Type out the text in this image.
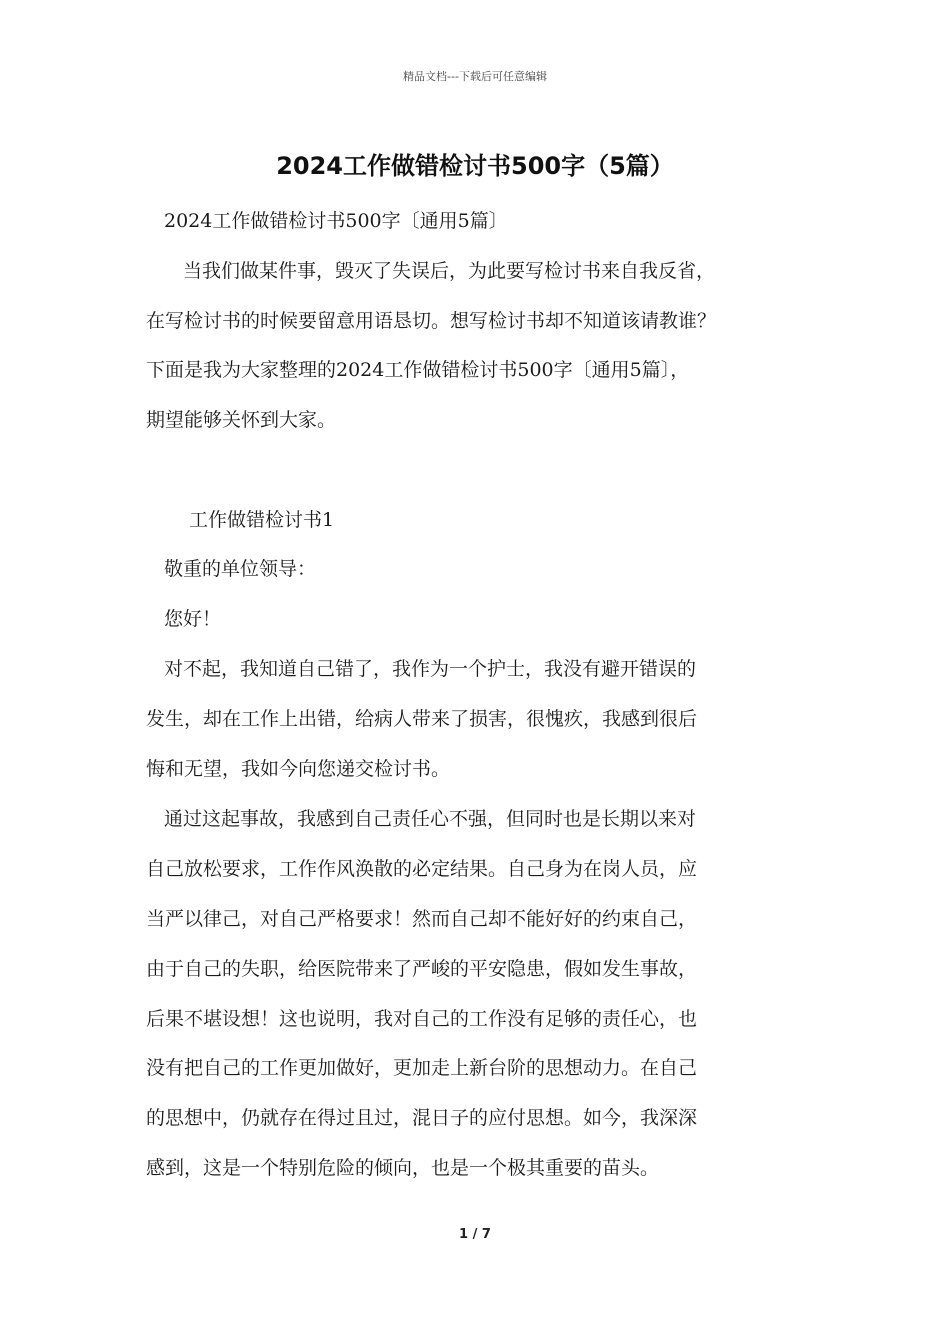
精品文档---下载后可任意编辑
2024工作做错检讨书500字（5篇）
2024工作做错检讨书500字〔通用5篇〕
当我们做某件事，毁灭了失误后，为此要写检讨书来自我反省，
在写检讨书的时候要留意用语恳切。想写检讨书却不知道该请教谁？
下面是我为大家整理的2024工作做错检讨书500字〔通用5篇〕，
期望能够关怀到大家。
工作做错检讨书1
敬重的单位领导：
您好！
对不起，我知道自己错了，我作为一个护士，我没有避开错误的
发生，却在工作上出错，给病人带来了损害，很愧疚，我感到很后
悔和无望，我如今向您递交检讨书。
通过这起事故，我感到自己责任心不强，但同时也是长期以来对
自己放松要求，工作作风涣散的必定结果。自己身为在岗人员，应
当严以律己，对自己严格要求！然而自己却不能好好的约束自己，
由于自己的失职，给医院带来了严峻的平安隐患，假如发生事故，
后果不堪设想！这也说明，我对自己的工作没有足够的责任心，也
没有把自己的工作更加做好，更加走上新台阶的思想动力。在自己
的思想中，仍就存在得过且过，混日子的应付思想。如今，我深深
感到，这是一个特别危险的倾向，也是一个极其重要的苗头。
1 / 7
